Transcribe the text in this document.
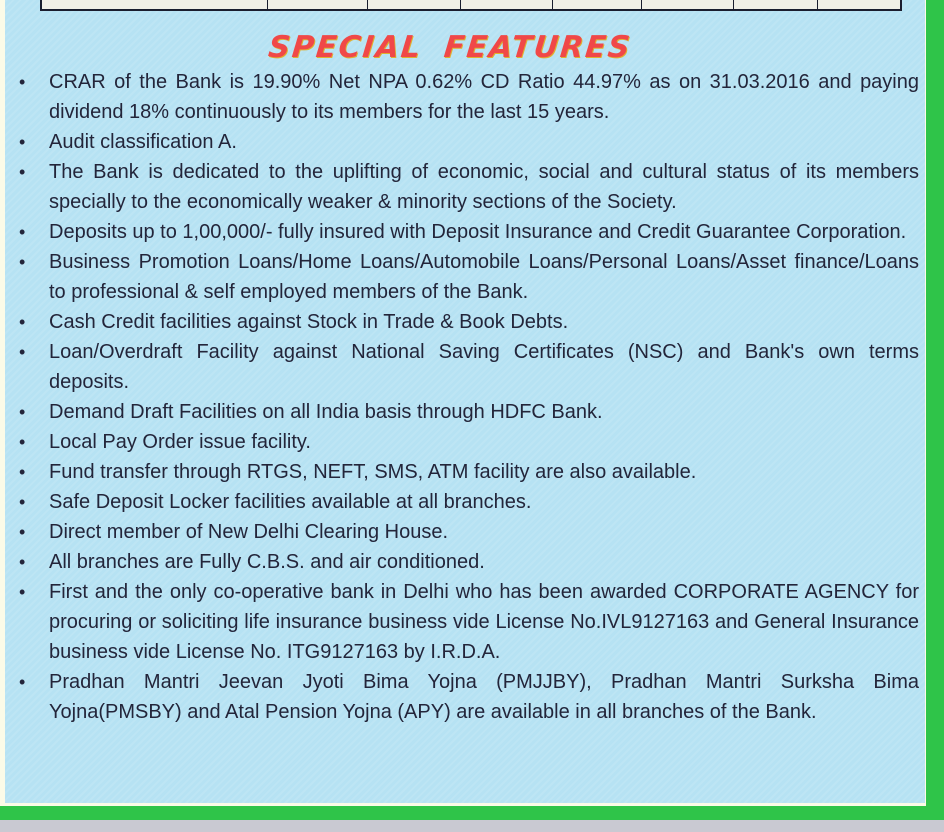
SPECIAL FEATURES
• CRAR of the Bank is 19.90% Net NPA 0.62% CD Ratio 44.97% as on 31.03.2016 and paying dividend 18% continuously to its members for the last 15 years.
• Audit classification A.
• The Bank is dedicated to the uplifting of economic, social and cultural status of its members specially to the economically weaker & minority sections of the Society.
• Deposits up to 1,00,000/- fully insured with Deposit Insurance and Credit Guarantee Corporation.
• Business Promotion Loans/Home Loans/Automobile Loans/Personal Loans/Asset finance/Loans to professional & self employed members of the Bank.
• Cash Credit facilities against Stock in Trade & Book Debts.
• Loan/Overdraft Facility against National Saving Certificates (NSC) and Bank's own terms deposits.
• Demand Draft Facilities on all India basis through HDFC Bank.
• Local Pay Order issue facility.
• Fund transfer through RTGS, NEFT, SMS, ATM facility are also available.
• Safe Deposit Locker facilities available at all branches.
• Direct member of New Delhi Clearing House.
• All branches are Fully C.B.S. and air conditioned.
• First and the only co-operative bank in Delhi who has been awarded CORPORATE AGENCY for procuring or soliciting life insurance business vide License No.IVL9127163 and General Insurance business vide License No. ITG9127163 by I.R.D.A.
• Pradhan Mantri Jeevan Jyoti Bima Yojna (PMJJBY), Pradhan Mantri Surksha Bima Yojna(PMSBY) and Atal Pension Yojna (APY) are available in all branches of the Bank.
